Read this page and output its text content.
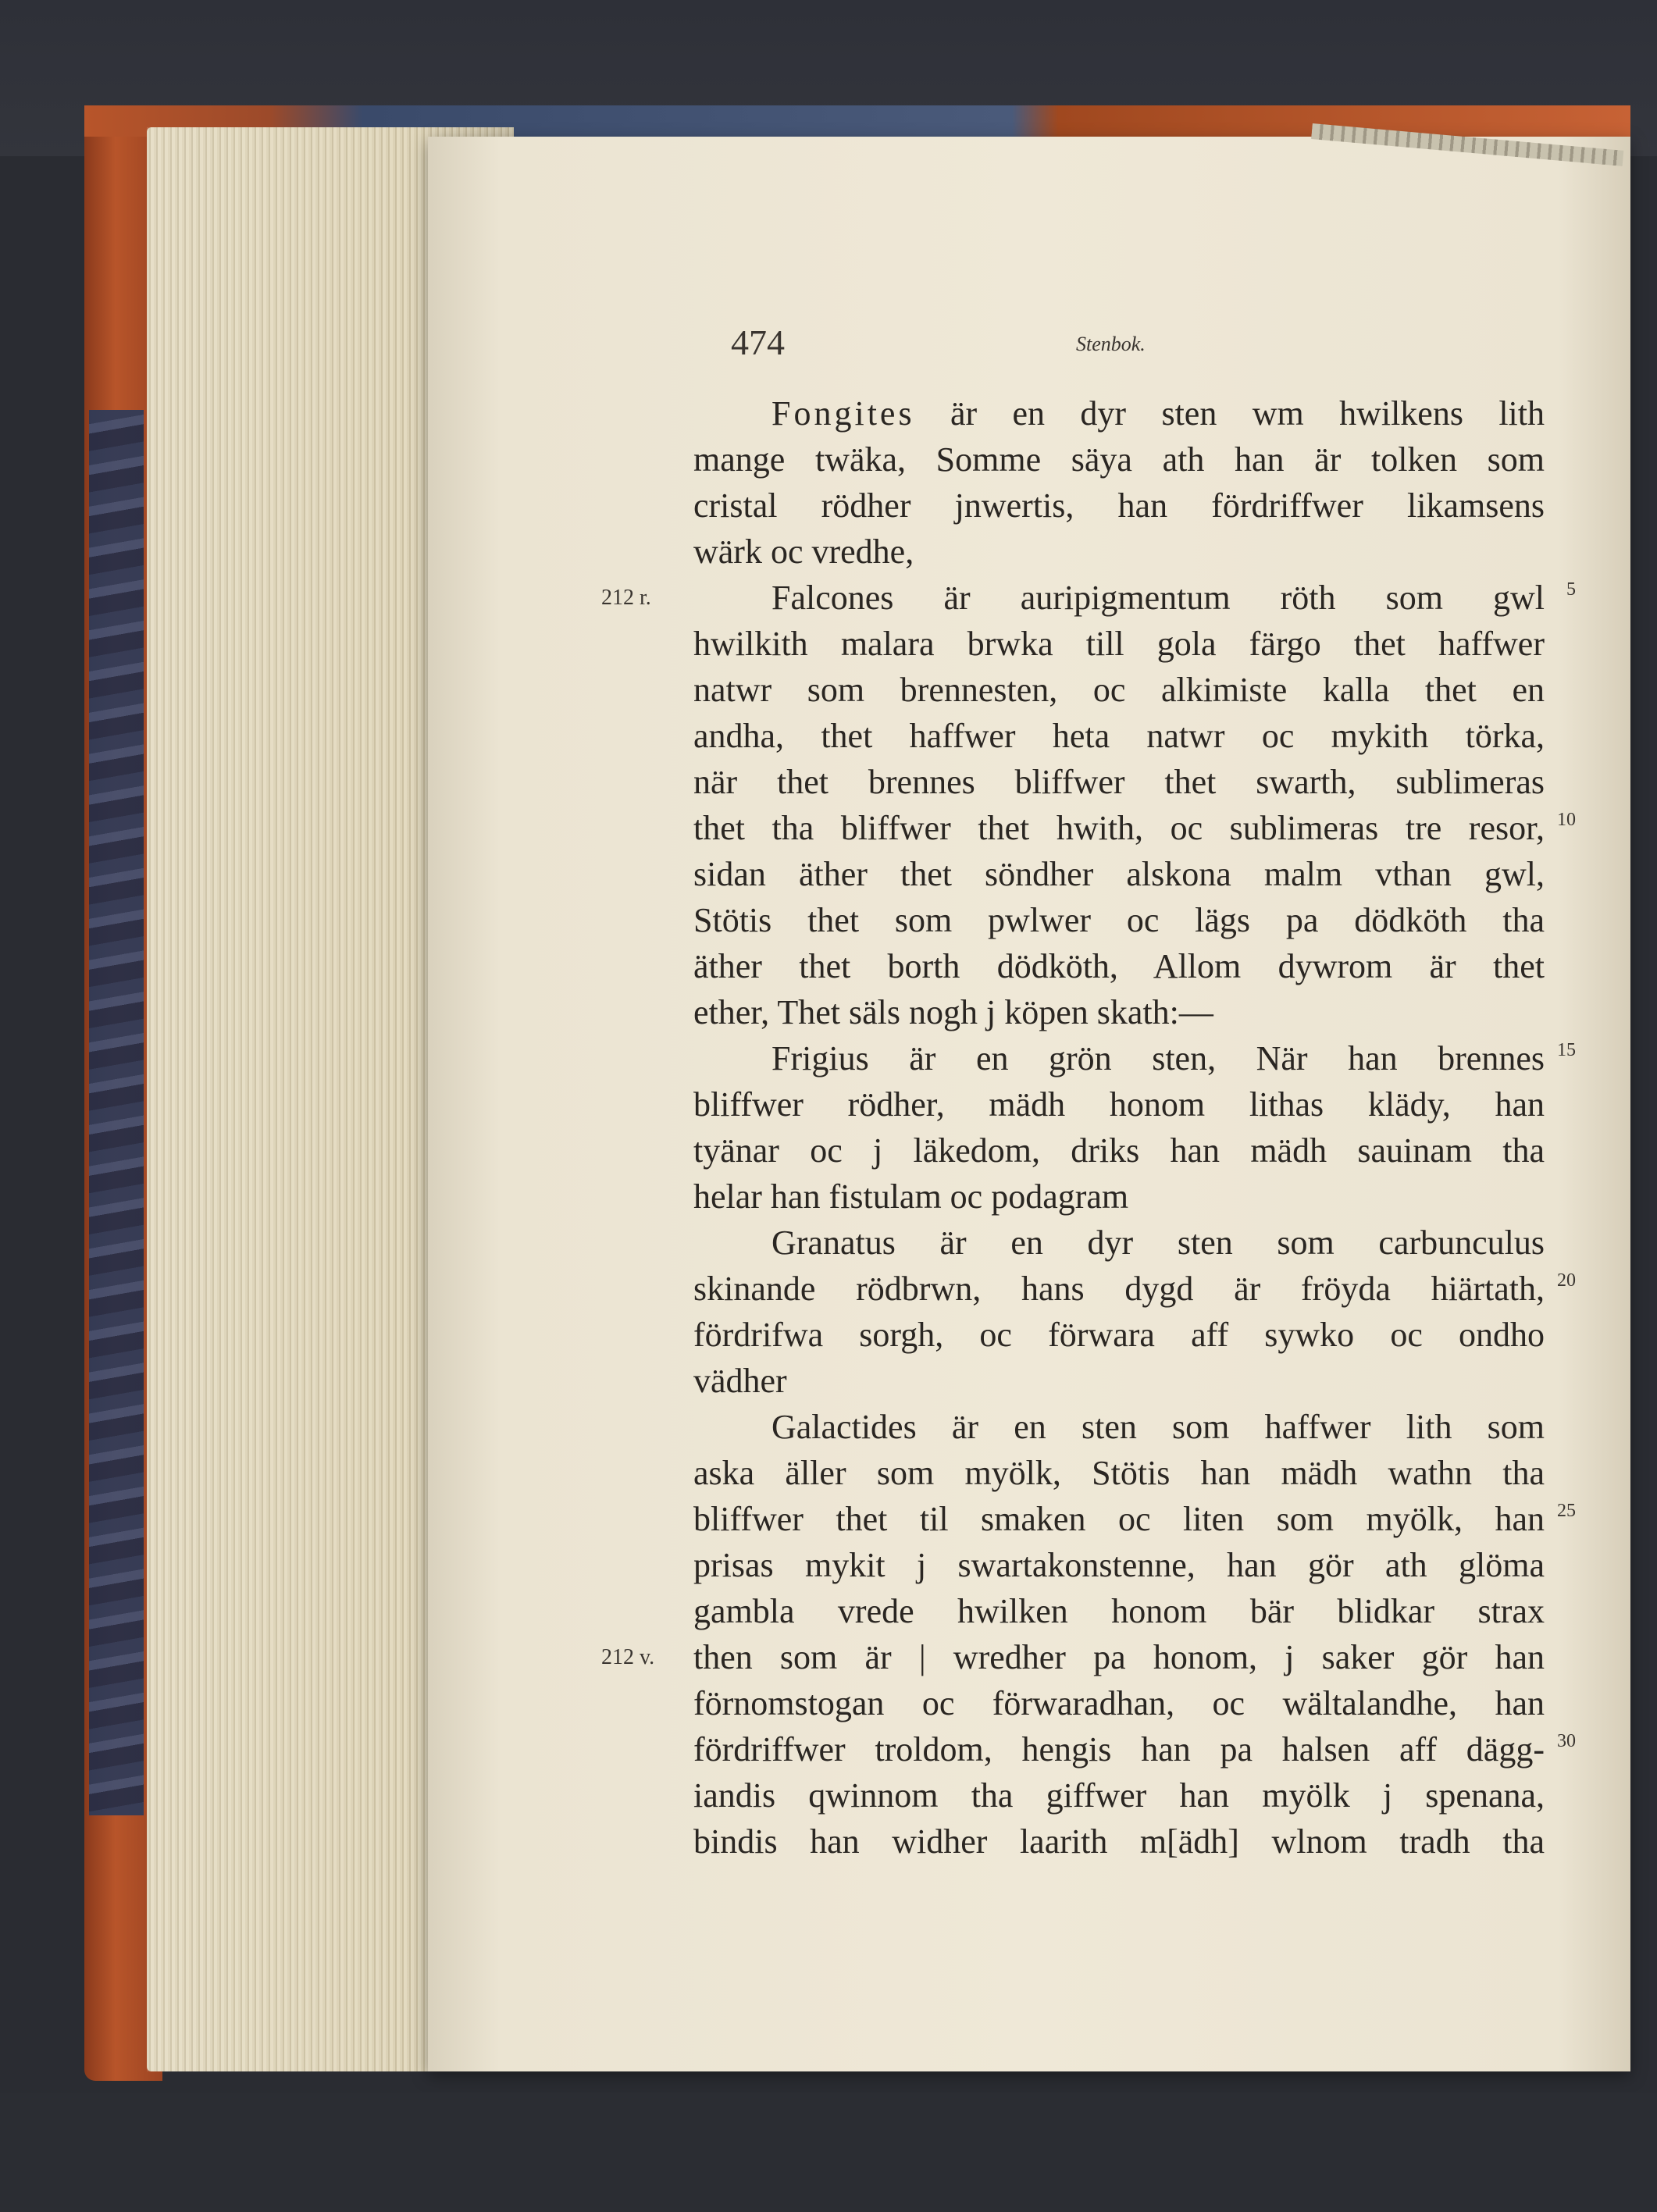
474	Stenbok.
Fongites är en dyr sten wm hwilkens lith
mange twäka, Somme säya ath han är tolken som
cristal rödher jnwertis, han fördriffwer likamsens
wärk oc vredhe,
Falcones är auripigmentum röth som gwl
212 r.	5
hwilkith malara brwka till gola färgo thet haffwer
natwr som brennesten, oc alkimiste kalla thet en
andha, thet haffwer heta natwr oc mykith törka,
när thet brennes bliffwer thet swarth, sublimeras
thet tha bliffwer thet hwith, oc sublimeras tre resor, 10
sidan äther thet söndher alskona malm vthan gwl,
Stötis thet som pwlwer oc lägs pa dödköth tha
äther thet borth dödköth, Allom dywrom är thet
ether, Thet säls nogh j köpen skath:—
Frigius är en grön sten, När han brennes 15
bliffwer rödher, mädh honom lithas klädy, han
tyänar oc j läkedom, driks han mädh sauinam tha
helar han fistulam oc podagram
Granatus är en dyr sten som carbunculus
skinande rödbrwn, hans dygd är fröyda hiärtath, 20
fördrifwa sorgh, oc förwara aff sywko oc ondho
vädher
Galactides är en sten som haffwer lith som
aska äller som myölk, Stötis han mädh wathn tha
bliffwer thet til smaken oc liten som myölk, han 25
prisas mykit j swartakonstenne, han gör ath glöma
gambla vrede hwilken honom bär blidkar strax
then som är | wredher pa honom, j saker gör han
212 v.
förnomstogan oc förwaradhan, oc wältalandhe, han
fördriffwer troldom, hengis han pa halsen aff dägg- 30
iandis qwinnom tha giffwer han myölk j spenana,
bindis han widher laarith m[ädh] wlnom tradh tha
